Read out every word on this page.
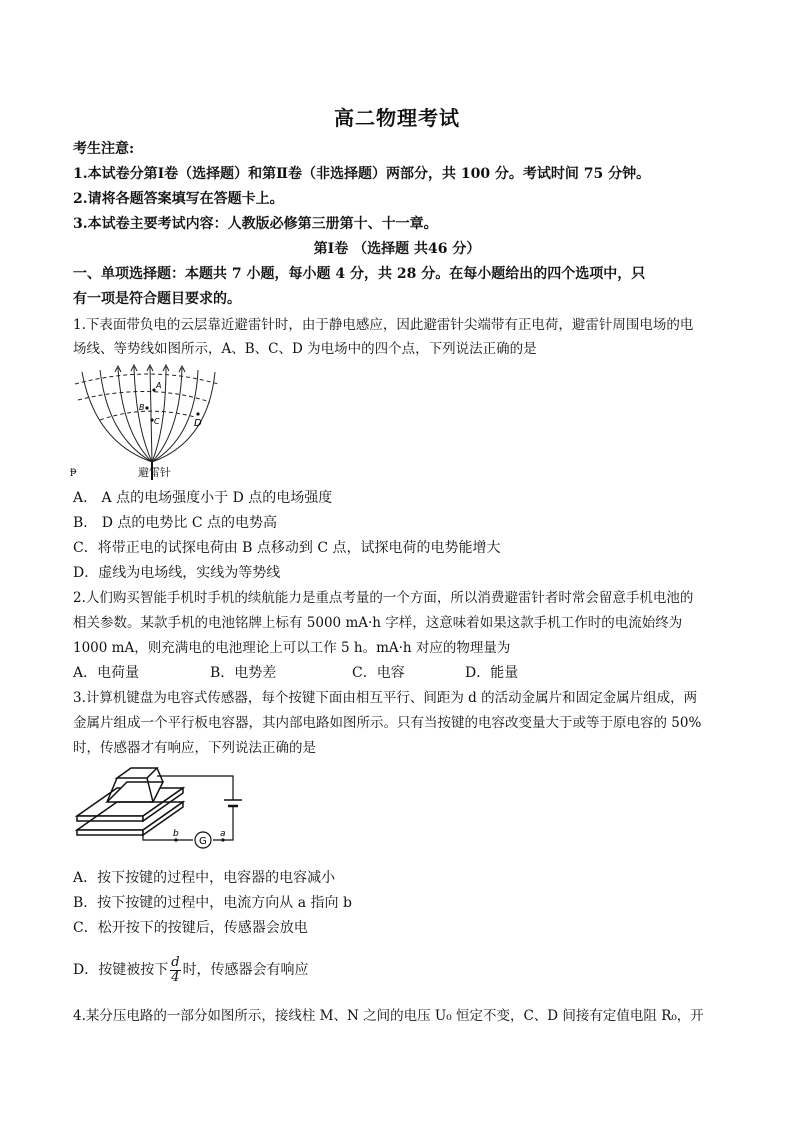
高二物理考试
考生注意:
1.本试卷分第Ⅰ卷（选择题）和第Ⅱ卷（非选择题）两部分，共 100 分。考试时间 75 分钟。
2.请将各题答案填写在答题卡上。
3.本试卷主要考试内容：人教版必修第三册第十、十一章。
第Ⅰ卷 （选择题 共46 分）
一、单项选择题：本题共 7 小题，每小题 4 分，共 28 分。在每小题给出的四个选项中，只
有一项是符合题目要求的。
1.下表面带负电的云层靠近避雷针时，由于静电感应，因此避雷针尖端带有正电荷，避雷针周围电场的电
场线、等势线如图所示，A、B、C、D 为电场中的四个点，下列说法正确的是
A
B
C	D
ᵽ	避雷针
A． A 点的电场强度小于 D 点的电场强度
B． D 点的电势比 C 点的电势高
C．将带正电的试探电荷由 B 点移动到 C 点，试探电荷的电势能增大
D．虚线为电场线，实线为等势线
2.人们购买智能手机时手机的续航能力是重点考量的一个方面，所以消费避雷针者时常会留意手机电池的
相关参数。某款手机的电池铭牌上标有 5000 mA·h 字样，这意味着如果这款手机工作时的电流始终为
1000 mA，则充满电的电池理论上可以工作 5 h。mA·h 对应的物理量为
A．电荷量	B．电势差	C．电容	D．能量
3.计算机键盘为电容式传感器，每个按键下面由相互平行、间距为 d 的活动金属片和固定金属片组成，两
金属片组成一个平行板电容器，其内部电路如图所示。只有当按键的电容改变量大于或等于原电容的 50%
时，传感器才有响应，下列说法正确的是
G
b	a
A．按下按键的过程中，电容器的电容减小
B．按下按键的过程中，电流方向从 a 指向 b
C．松开按下的按键后，传感器会放电
D．按键被按下 $\frac{d}{4}$ 时，传感器会有响应
4.某分压电路的一部分如图所示，接线柱 M、N 之间的电压 U₀ 恒定不变，C、D 间接有定值电阻 R₀，开
